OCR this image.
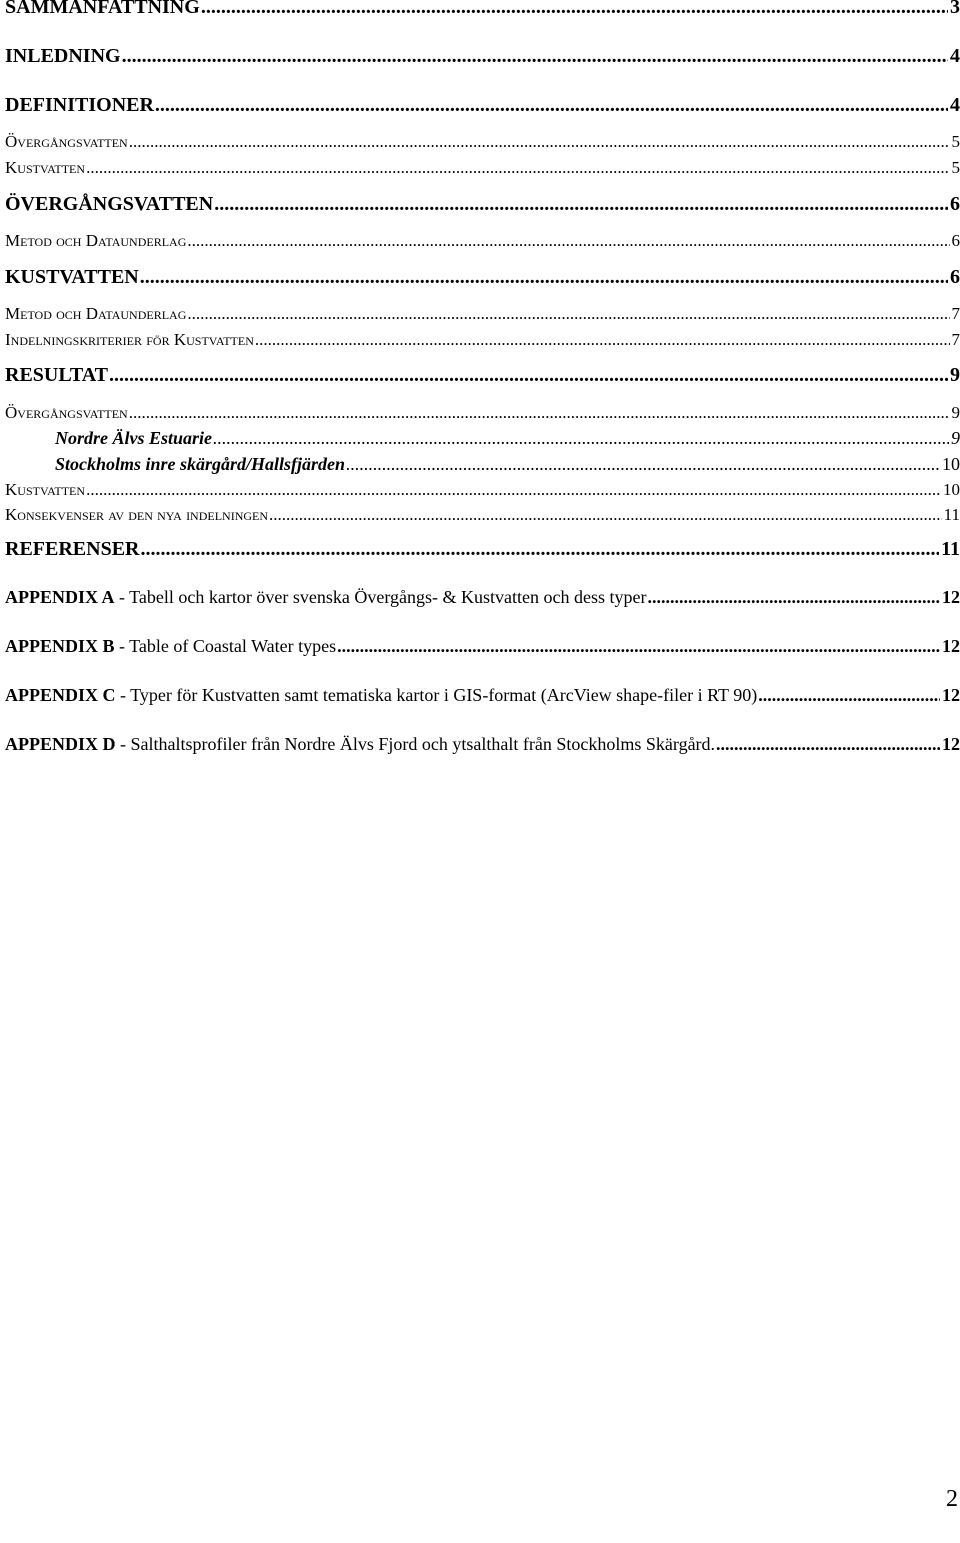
SAMMANFATTNING .....	3
INLEDNING .....	4
DEFINITIONER .....	4
Övergångsvatten .....	5
Kustvatten .....	5
ÖVERGÅNGSVATTEN .....	6
Metod och Dataunderlag .....	6
KUSTVATTEN .....	6
Metod och Dataunderlag .....	7
Indelningskriterier för Kustvatten .....	7
RESULTAT .....	9
Övergångsvatten .....	9
Nordre Älvs Estuarie .....	9
Stockholms inre skärgård/Hallsfjärden .....	10
Kustvatten .....	10
Konsekvenser av den nya indelningen .....	11
REFERENSER .....	11
APPENDIX A - Tabell och kartor över svenska Övergångs- & Kustvatten och dess typer .....	12
APPENDIX B - Table of Coastal Water types .....	12
APPENDIX C - Typer för Kustvatten samt tematiska kartor i GIS-format (ArcView shape-filer i RT 90) .....	12
APPENDIX D - Salthaltsprofiler från Nordre Älvs Fjord och ytsalthalt från Stockholms Skärgård. .....	12
2
